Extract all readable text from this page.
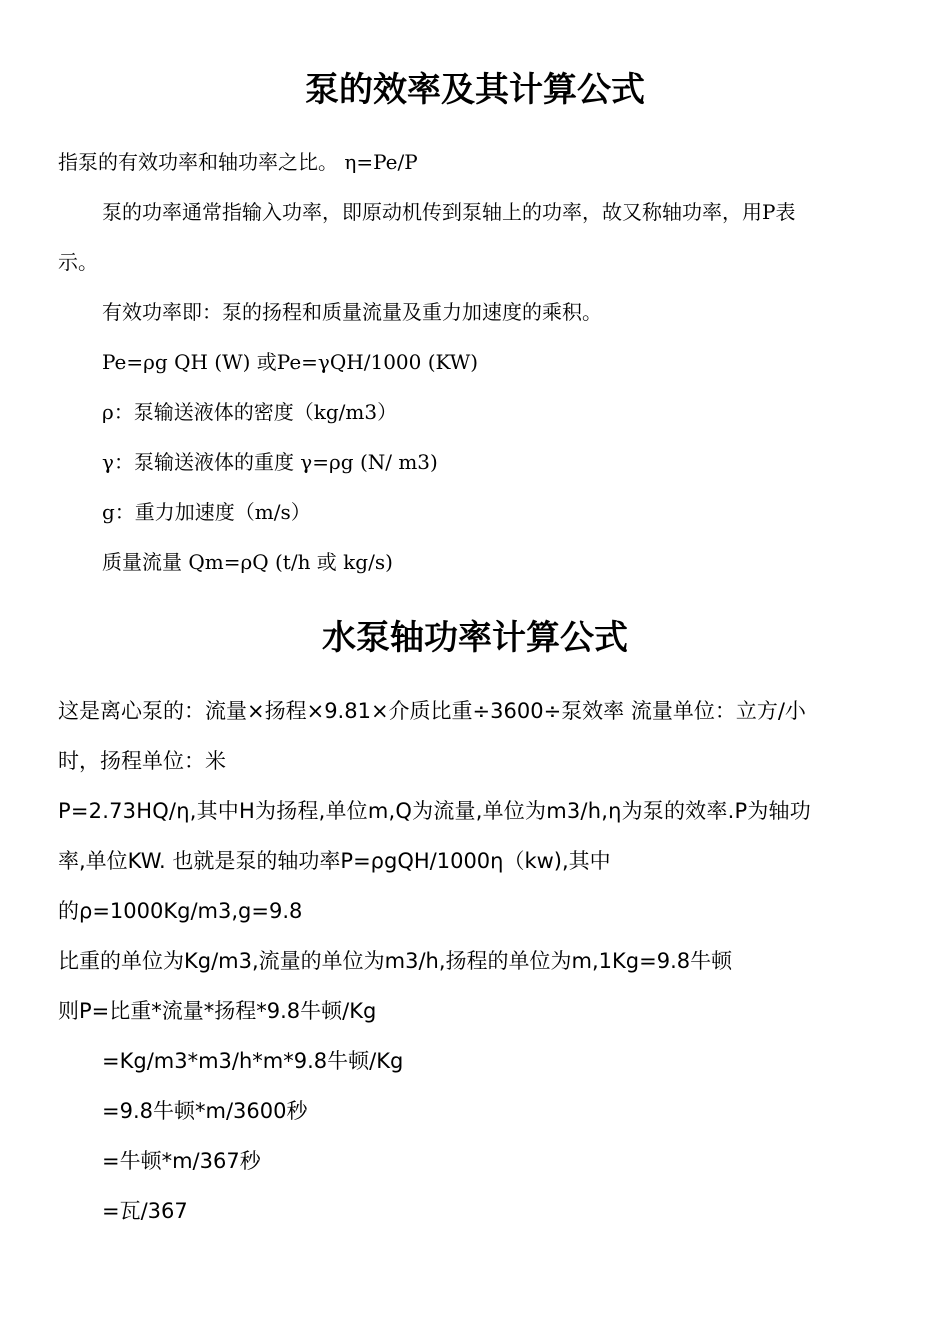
泵的效率及其计算公式
指泵的有效功率和轴功率之比。 η=Pe/P
泵的功率通常指输入功率，即原动机传到泵轴上的功率，故又称轴功率，用P表
示。
有效功率即：泵的扬程和质量流量及重力加速度的乘积。
Pe=ρg QH (W) 或Pe=γQH/1000 (KW)
ρ：泵输送液体的密度（kg/m3）
γ：泵输送液体的重度 γ=ρg (N/ m3)
g：重力加速度（m/s）
质量流量 Qm=ρQ (t/h 或 kg/s)
水泵轴功率计算公式
这是离心泵的：流量×扬程×9.81×介质比重÷3600÷泵效率 流量单位：立方/小
时，扬程单位：米
P=2.73HQ/η,其中H为扬程,单位m,Q为流量,单位为m3/h,η为泵的效率.P为轴功
率,单位KW. 也就是泵的轴功率P=ρgQH/1000η（kw),其中
的ρ=1000Kg/m3,g=9.8
比重的单位为Kg/m3,流量的单位为m3/h,扬程的单位为m,1Kg=9.8牛顿
则P=比重*流量*扬程*9.8牛顿/Kg
=Kg/m3*m3/h*m*9.8牛顿/Kg
=9.8牛顿*m/3600秒
=牛顿*m/367秒
=瓦/367
